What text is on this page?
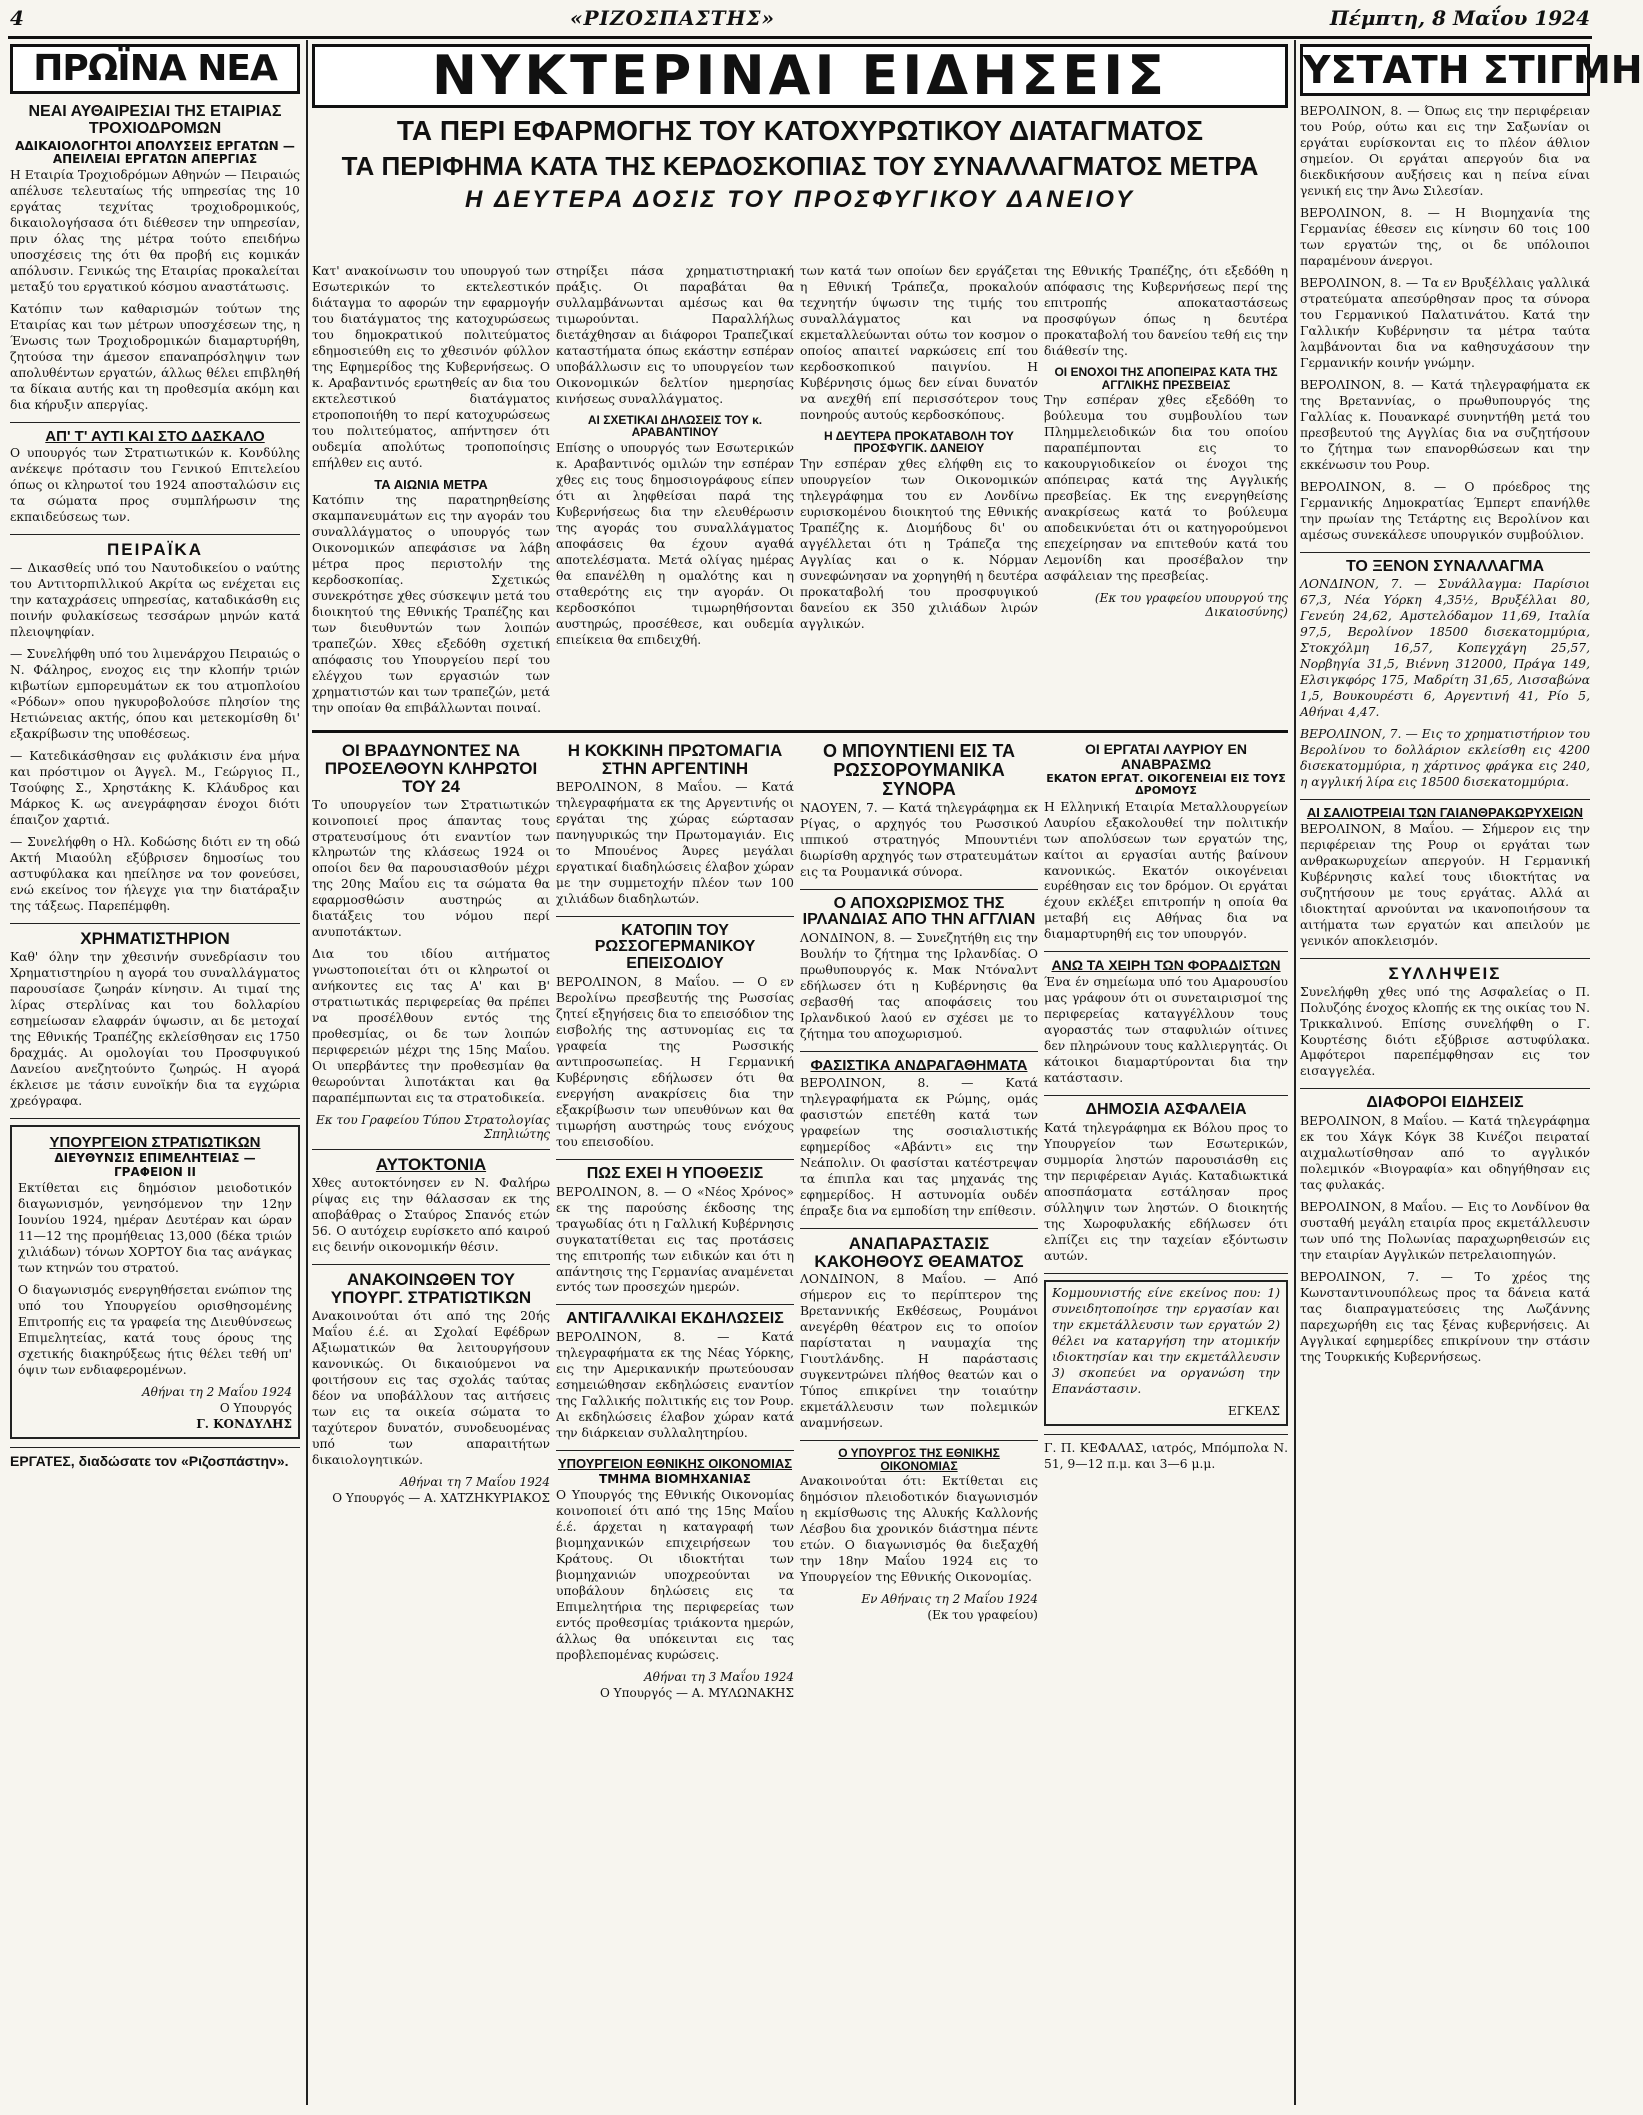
4	«ΡΙΖΟΣΠΑΣΤΗΣ»	Πέμπτη, 8 Μαΐου 1924
ΠΡΩΪΝΑ ΝΕΑ
ΝΕΑΙ ΑΥΘΑΙΡΕΣΙΑΙ ΤΗΣ ΕΤΑΙΡΙΑΣ ΤΡΟΧΙΟΔΡΟΜΩΝ
ΑΔΙΚΑΙΟΛΟΓΗΤΟΙ ΑΠΟΛΥΣΕΙΣ ΕΡΓΑΤΩΝ — ΑΠΕΙΛΕΙΑΙ ΕΡΓΑΤΩΝ ΑΠΕΡΓΙΑΣ

Η Εταιρία Τροχιοδρόμων Αθηνών — Πειραιώς απέλυσε τελευταίως τής υπηρεσίας της 10 εργάτας τεχνίτας τροχιοδρομικούς, δικαιολογήσασα ότι διέθεσεν την υπηρεσίαν, πριν όλας της μέτρα τούτο επειδήνω υποσχέσεις της ότι θα προβή εις κομικάν απόλυσιν. Γενικώς της Εταιρίας προκαλείται μεταξύ του εργατικού κόσμου αναστάτωσις.

Κατόπιν των καθαρισμών τούτων της Εταιρίας και των μέτρων υποσχέσεων της, η Ένωσις των Τροχιοδρομικών διαμαρτυρήθη, ζητούσα την άμεσον επαναπρόσληψιν των απολυθέντων εργατών, άλλως θέλει επιβληθή τα δίκαια αυτής και τη προθεσμία ακόμη και δια κήρυξιν απεργίας.

ΑΠ' Τ' ΑΥΤΙ ΚΑΙ ΣΤΟ ΔΑΣΚΑΛΟ

Ο υπουργός των Στρατιωτικών κ. Κονδύλης ανέκεψε πρότασιν του Γενικού Επιτελείου όπως οι κληρωτοί του 1924 αποσταλώσιν εις τα σώματα προς συμπλήρωσιν της εκπαιδεύσεως των.

ΠΕΙΡΑΪΚΑ

— Δικασθείς υπό του Ναυτοδικείου ο ναύτης του Αντιτορπιλλικού Ακρίτα ως ενέχεται εις την καταχράσεις υπηρεσίας, καταδικάσθη εις ποινήν φυλακίσεως τεσσάρων μηνών κατά πλειοψηφίαν.

— Συνελήφθη υπό του λιμενάρχου Πειραιώς ο Ν. Φάληρος, ενοχος εις την κλοπήν τριών κιβωτίων εμπορευμάτων εκ του ατμοπλοίου «Ρόδων» οπου ηγκυροβολούσε πλησίον της Ηετιώνειας ακτής, όπου και μετεκομίσθη δι' εξακρίβωσιν της υποθέσεως.

— Κατεδικάσθησαν εις φυλάκισιν ένα μήνα και πρόστιμον οι Άγγελ. Μ., Γεώργιος Π., Τσούφης Σ., Χρηστάκης Κ. Κλάυδρος και Μάρκος Κ. ως ανεγράφησαν ένοχοι διότι έπαιζον χαρτιά.

— Συνελήφθη ο Ηλ. Κοδώσης διότι εν τη οδώ Ακτή Μιαούλη εξύβρισεν δημοσίως του αστυφύλακα και ηπείλησε να τον φονεύσει, ενώ εκείνος τον ήλεγχε για την διατάραξιν της τάξεως. Παρεπέμφθη.

ΧΡΗΜΑΤΙΣΤΗΡΙΟΝ

Καθ' όλην την χθεσινήν συνεδρίασιν του Χρηματιστηρίου η αγορά του συναλλάγματος παρουσίασε ζωηράν κίνησιν. Αι τιμαί της λίρας στερλίνας και του δολλαρίου εσημείωσαν ελαφράν ύψωσιν, αι δε μετοχαί της Εθνικής Τραπέζης εκλείσθησαν εις 1750 δραχμάς. Αι ομολογίαι του Προσφυγικού Δανείου ανεζητούντο ζωηρώς. Η αγορά έκλεισε με τάσιν ευνοϊκήν δια τα εγχώρια χρεόγραφα.

ΥΠΟΥΡΓΕΙΟΝ ΣΤΡΑΤΙΩΤΙΚΩΝ
ΔΙΕΥΘΥΝΣΙΣ ΕΠΙΜΕΛΗΤΕΙΑΣ — ΓΡΑΦΕΙΟΝ ΙΙ

Εκτίθεται εις δημόσιον μειοδοτικόν διαγωνισμόν, γενησόμενον την 12ην Ιουνίου 1924, ημέραν Δευτέραν και ώραν 11—12 της προμήθειας 13,000 (δέκα τριών χιλιάδων) τόνων ΧΟΡΤΟΥ δια τας ανάγκας των κτηνών του στρατού.

Ο διαγωνισμός ενεργηθήσεται ενώπιον της υπό του Υπουργείου ορισθησομένης Επιτροπής εις τα γραφεία της Διευθύνσεως Επιμελητείας, κατά τους όρους της σχετικής διακηρύξεως ήτις θέλει τεθή υπ' όψιν των ενδιαφερομένων.

Αθήναι τη 2 Μαΐου 1924
Ο Υπουργός
Γ. ΚΟΝΔΥΛΗΣ
ΕΡΓΑΤΕΣ, διαδώσατε τον «Ριζοσπάστην».
ΝΥΚΤΕΡΙΝΑΙ ΕΙΔΗΣΕΙΣ
ΤΑ ΠΕΡΙ ΕΦΑΡΜΟΓΗΣ ΤΟΥ ΚΑΤΟΧΥΡΩΤΙΚΟΥ ΔΙΑΤΑΓΜΑΤΟΣ
ΤΑ ΠΕΡΙΦΗΜΑ ΚΑΤΑ ΤΗΣ ΚΕΡΔΟΣΚΟΠΙΑΣ ΤΟΥ ΣΥΝΑΛΛΑΓΜΑΤΟΣ ΜΕΤΡΑ
Η ΔΕΥΤΕΡΑ ΔΟΣΙΣ ΤΟΥ ΠΡΟΣΦΥΓΙΚΟΥ ΔΑΝΕΙΟΥ

Κατ' ανακοίνωσιν του υπουργού των Εσωτερικών το εκτελεστικόν διάταγμα το αφορών την εφαρμογήν του διατάγματος της κατοχυρώσεως του δημοκρατικού πολιτεύματος εδημοσιεύθη εις το χθεσινόν φύλλον της Εφημερίδος της Κυβερνήσεως. Ο κ. Αραβαντινός ερωτηθείς αν δια του εκτελεστικού διατάγματος ετροποποιήθη το περί κατοχυρώσεως του πολιτεύματος, απήντησεν ότι ουδεμία απολύτως τροποποίησις επήλθεν εις αυτό.

ΤΑ ΑΙΩΝΙΑ ΜΕΤΡΑ

Κατόπιν της παρατηρηθείσης σκαμπανευμάτων εις την αγοράν του συναλλάγματος ο υπουργός των Οικονομικών απεφάσισε να λάβη μέτρα προς περιστολήν της κερδοσκοπίας. Σχετικώς συνεκρότησε χθες σύσκεψιν μετά του διοικητού της Εθνικής Τραπέζης και των διευθυντών των λοιπών τραπεζών. Χθες εξεδόθη σχετική απόφασις του Υπουργείου περί του ελέγχου των εργασιών των χρηματιστών και των τραπεζών, μετά την οποίαν θα επιβάλλωνται ποιναί.

στηρίξει πάσα χρηματιστηριακή πράξις. Οι παραβάται θα συλλαμβάνωνται αμέσως και θα τιμωρούνται. Παραλλήλως διετάχθησαν αι διάφοροι Τραπεζικαί καταστήματα όπως εκάστην εσπέραν υποβάλλωσιν εις το υπουργείον των Οικονομικών δελτίον ημερησίας κινήσεως συναλλάγματος.

ΑΙ ΣΧΕΤΙΚΑΙ ΔΗΛΩΣΕΙΣ ΤΟΥ κ. ΑΡΑΒΑΝΤΙΝΟΥ

Επίσης ο υπουργός των Εσωτερικών κ. Αραβαντινός ομιλών την εσπέραν χθες εις τους δημοσιογράφους είπεν ότι αι ληφθείσαι παρά της Κυβερνήσεως δια την ελευθέρωσιν της αγοράς του συναλλάγματος αποφάσεις θα έχουν αγαθά αποτελέσματα. Μετά ολίγας ημέρας θα επανέλθη η ομαλότης και η σταθερότης εις την αγοράν. Οι κερδοσκόποι τιμωρηθήσονται αυστηρώς, προσέθεσε, και ουδεμία επιείκεια θα επιδειχθή.

των κατά των οποίων δεν εργάζεται η Εθνική Τράπεζα, προκαλούν τεχνητήν ύψωσιν της τιμής του συναλλάγματος και να εκμεταλλεύωνται ούτω τον κοσμον ο οποίος απαιτεί ναρκώσεις επί του κερδοσκοπικού παιγνίου. Η Κυβέρνησις όμως δεν είναι δυνατόν να ανεχθή επί περισσότερον τους πονηρούς αυτούς κερδοσκόπους.

Η ΔΕΥΤΕΡΑ ΠΡΟΚΑΤΑΒΟΛΗ ΤΟΥ ΠΡΟΣΦΥΓΙΚ. ΔΑΝΕΙΟΥ

Την εσπέραν χθες ελήφθη εις το υπουργείον των Οικονομικών τηλεγράφημα του εν Λονδίνω ευρισκομένου διοικητού της Εθνικής Τραπέζης κ. Διομήδους δι' ου αγγέλλεται ότι η Τράπεζα της Αγγλίας και ο κ. Νόρμαν συνεφώνησαν να χορηγηθή η δευτέρα προκαταβολή του προσφυγικού δανείου εκ 350 χιλιάδων λιρών αγγλικών.

της Εθνικής Τραπέζης, ότι εξεδόθη η απόφασις της Κυβερνήσεως περί της επιτροπής αποκαταστάσεως προσφύγων όπως η δευτέρα προκαταβολή του δανείου τεθή εις την διάθεσίν της.

ΟΙ ΕΝΟΧΟΙ ΤΗΣ ΑΠΟΠΕΙΡΑΣ ΚΑΤΑ ΤΗΣ ΑΓΓΛΙΚΗΣ ΠΡΕΣΒΕΙΑΣ

Την εσπέραν χθες εξεδόθη το βούλευμα του συμβουλίου των Πλημμελειοδικών δια του οποίου παραπέμπονται εις το κακουργιοδικείον οι ένοχοι της απόπειρας κατά της Αγγλικής πρεσβείας. Εκ της ενεργηθείσης ανακρίσεως κατά το βούλευμα αποδεικνύεται ότι οι κατηγορούμενοι επεχείρησαν να επιτεθούν κατά του Λεμονίδη και προσέβαλον την ασφάλειαν της πρεσβείας.

(Εκ του γραφείου υπουργού της Δικαιοσύνης)
ΟΙ ΒΡΑΔΥΝΟΝΤΕΣ ΝΑ ΠΡΟΣΕΛΘΟΥΝ ΚΛΗΡΩΤΟΙ ΤΟΥ 24

Το υπουργείον των Στρατιωτικών κοινοποιεί προς άπαντας τους στρατευσίμους ότι εναντίον των κληρωτών της κλάσεως 1924 οι οποίοι δεν θα παρουσιασθούν μέχρι της 20ης Μαΐου εις τα σώματα θα εφαρμοσθώσιν αυστηρώς αι διατάξεις του νόμου περί ανυποτάκτων.

Δια του ιδίου αιτήματος γνωστοποιείται ότι οι κληρωτοί οι ανήκοντες εις τας Α' και Β' στρατιωτικάς περιφερείας θα πρέπει να προσέλθουν εντός της προθεσμίας, οι δε των λοιπών περιφερειών μέχρι της 15ης Μαΐου. Οι υπερβάντες την προθεσμίαν θα θεωρούνται λιποτάκται και θα παραπέμπωνται εις τα στρατοδικεία.

Εκ του Γραφείου Τύπου Στρατολογίας Σπηλιώτης
ΑΥΤΟΚΤΟΝΙΑ

Χθες αυτοκτόνησεν εν Ν. Φαλήρω ρίψας εις την θάλασσαν εκ της αποβάθρας ο Σταύρος Σπανός ετών 56. Ο αυτόχειρ ευρίσκετο από καιρού εις δεινήν οικονομικήν θέσιν.

ΑΝΑΚΟΙΝΩΘΕΝ ΤΟΥ ΥΠΟΥΡΓ. ΣΤΡΑΤΙΩΤΙΚΩΝ

Ανακοινούται ότι από της 20ής Μαΐου έ.έ. αι Σχολαί Εφέδρων Αξιωματικών θα λειτουργήσουν κανονικώς. Οι δικαιούμενοι να φοιτήσουν εις τας σχολάς ταύτας δέον να υποβάλλουν τας αιτήσεις των εις τα οικεία σώματα το ταχύτερον δυνατόν, συνοδευομένας υπό των απαραιτήτων δικαιολογητικών.

Αθήναι τη 7 Μαΐου 1924
Ο Υπουργός — Α. ΧΑΤΖΗΚΥΡΙΑΚΟΣ
Η ΚΟΚΚΙΝΗ ΠΡΩΤΟΜΑΓΙΑ ΣΤΗΝ ΑΡΓΕΝΤΙΝΗ

ΒΕΡΟΛΙΝΟΝ, 8 Μαΐου. — Κατά τηλεγραφήματα εκ της Αργεντινής οι εργάται της χώρας εώρτασαν πανηγυρικώς την Πρωτομαγιάν. Εις το Μπουένος Άυρες μεγάλαι εργατικαί διαδηλώσεις έλαβον χώραν με την συμμετοχήν πλέον των 100 χιλιάδων διαδηλωτών.

ΚΑΤΟΠΙΝ ΤΟΥ ΡΩΣΣΟΓΕΡΜΑΝΙΚΟΥ ΕΠΕΙΣΟΔΙΟΥ

ΒΕΡΟΛΙΝΟΝ, 8 Μαΐου. — Ο εν Βερολίνω πρεσβευτής της Ρωσσίας ζητεί εξηγήσεις δια το επεισόδιον της εισβολής της αστυνομίας εις τα γραφεία της Ρωσσικής αντιπροσωπείας. Η Γερμανική Κυβέρνησις εδήλωσεν ότι θα ενεργήση ανακρίσεις δια την εξακρίβωσιν των υπευθύνων και θα τιμωρήση αυστηρώς τους ενόχους του επεισοδίου.

ΠΩΣ ΕΧΕΙ Η ΥΠΟΘΕΣΙΣ

ΒΕΡΟΛΙΝΟΝ, 8. — Ο «Νέος Χρόνος» εκ της παρούσης έκδοσης της τραγωδίας ότι η Γαλλική Κυβέρνησις συγκατατίθεται εις τας προτάσεις της επιτροπής των ειδικών και ότι η απάντησις της Γερμανίας αναμένεται εντός των προσεχών ημερών.

ΑΝΤΙΓΑΛΛΙΚΑΙ ΕΚΔΗΛΩΣΕΙΣ

ΒΕΡΟΛΙΝΟΝ, 8. — Κατά τηλεγραφήματα εκ της Νέας Υόρκης, εις την Αμερικανικήν πρωτεύουσαν εσημειώθησαν εκδηλώσεις εναντίον της Γαλλικής πολιτικής εις τον Ρουρ. Αι εκδηλώσεις έλαβον χώραν κατά την διάρκειαν συλλαλητηρίου.

ΥΠΟΥΡΓΕΙΟΝ ΕΘΝΙΚΗΣ ΟΙΚΟΝΟΜΙΑΣ
ΤΜΗΜΑ ΒΙΟΜΗΧΑΝΙΑΣ

Ο Υπουργός της Εθνικής Οικονομίας κοινοποιεί ότι από της 15ης Μαΐου έ.έ. άρχεται η καταγραφή των βιομηχανικών επιχειρήσεων του Κράτους. Οι ιδιοκτήται των βιομηχανιών υποχρεούνται να υποβάλουν δηλώσεις εις τα Επιμελητήρια της περιφερείας των εντός προθεσμίας τριάκοντα ημερών, άλλως θα υπόκεινται εις τας προβλεπομένας κυρώσεις.

Αθήναι τη 3 Μαΐου 1924
Ο Υπουργός — Α. ΜΥΛΩΝΑΚΗΣ
Ο ΜΠΟΥΝΤΙΕΝΙ ΕΙΣ ΤΑ ΡΩΣΣΟΡΟΥΜΑΝΙΚΑ ΣΥΝΟΡΑ

ΝΑΟΥΕΝ, 7. — Κατά τηλεγράφημα εκ Ρίγας, ο αρχηγός του Ρωσσικού ιππικού στρατηγός Μπουντιένι διωρίσθη αρχηγός των στρατευμάτων εις τα Ρουμανικά σύνορα.

Ο ΑΠΟΧΩΡΙΣΜΟΣ ΤΗΣ ΙΡΛΑΝΔΙΑΣ ΑΠΟ ΤΗΝ ΑΓΓΛΙΑΝ

ΛΟΝΔΙΝΟΝ, 8. — Συνεζητήθη εις την Βουλήν το ζήτημα της Ιρλανδίας. Ο πρωθυπουργός κ. Μακ Ντόναλντ εδήλωσεν ότι η Κυβέρνησις θα σεβασθή τας αποφάσεις του Ιρλανδικού λαού εν σχέσει με το ζήτημα του αποχωρισμού.

ΦΑΣΙΣΤΙΚΑ ΑΝΔΡΑΓΑΘΗΜΑΤΑ

ΒΕΡΟΛΙΝΟΝ, 8. — Κατά τηλεγραφήματα εκ Ρώμης, ομάς φασιστών επετέθη κατά των γραφείων της σοσιαλιστικής εφημερίδος «Αβάντι» εις την Νεάπολιν. Οι φασίσται κατέστρεψαν τα έπιπλα και τας μηχανάς της εφημερίδος. Η αστυνομία ουδέν έπραξε δια να εμποδίση την επίθεσιν.

ΑΝΑΠΑΡΑΣΤΑΣΙΣ ΚΑΚΟΗΘΟΥΣ ΘΕΑΜΑΤΟΣ

ΛΟΝΔΙΝΟΝ, 8 Μαΐου. — Από σήμερον εις το περίπτερον της Βρεταννικής Εκθέσεως, Ρουμάνοι ανεγέρθη θέατρον εις το οποίον παρίσταται η ναυμαχία της Γιουτλάνδης. Η παράστασις συγκεντρώνει πλήθος θεατών και ο Τύπος επικρίνει την τοιαύτην εκμετάλλευσιν των πολεμικών αναμνήσεων.

Ο ΥΠΟΥΡΓΟΣ ΤΗΣ ΕΘΝΙΚΗΣ ΟΙΚΟΝΟΜΙΑΣ

Ανακοινούται ότι: Εκτίθεται εις δημόσιον πλειοδοτικόν διαγωνισμόν η εκμίσθωσις της Αλυκής Καλλονής Λέσβου δια χρονικόν διάστημα πέντε ετών. Ο διαγωνισμός θα διεξαχθή την 18ην Μαΐου 1924 εις το Υπουργείον της Εθνικής Οικονομίας.

Εν Αθήναις τη 2 Μαΐου 1924
(Εκ του γραφείου)
ΟΙ ΕΡΓΑΤΑΙ ΛΑΥΡΙΟΥ ΕΝ ΑΝΑΒΡΑΣΜΩ
ΕΚΑΤΟΝ ΕΡΓΑΤ. ΟΙΚΟΓΕΝΕΙΑΙ ΕΙΣ ΤΟΥΣ ΔΡΟΜΟΥΣ

Η Ελληνική Εταιρία Μεταλλουργείων Λαυρίου εξακολουθεί την πολιτικήν των απολύσεων των εργατών της, καίτοι αι εργασίαι αυτής βαίνουν κανονικώς. Εκατόν οικογένειαι ευρέθησαν εις τον δρόμον. Οι εργάται έχουν εκλέξει επιτροπήν η οποία θα μεταβή εις Αθήνας δια να διαμαρτυρηθή εις τον υπουργόν.

ΑΝΩ ΤΑ ΧΕΙΡΗ ΤΩΝ ΦΟΡΑΔΙΣΤΩΝ

Ένα έν σημείωμα υπό του Αμαρουσίου μας γράφουν ότι οι συνεταιρισμοί της περιφερείας καταγγέλλουν τους αγοραστάς των σταφυλιών οίτινες δεν πληρώνουν τους καλλιεργητάς. Οι κάτοικοι διαμαρτύρονται δια την κατάστασιν.

ΔΗΜΟΣΙΑ ΑΣΦΑΛΕΙΑ

Κατά τηλεγράφημα εκ Βόλου προς το Υπουργείον των Εσωτερικών, συμμορία ληστών παρουσιάσθη εις την περιφέρειαν Αγιάς. Καταδιωκτικά αποσπάσματα εστάλησαν προς σύλληψιν των ληστών. Ο διοικητής της Χωροφυλακής εδήλωσεν ότι ελπίζει εις την ταχείαν εξόντωσιν αυτών.

Κομμουνιστής είνε εκείνος που: 1) συνειδητοποίησε την εργασίαν και την εκμετάλλευσιν των εργατών 2) θέλει να καταργήση την ατομικήν ιδιοκτησίαν και την εκμετάλλευσιν 3) σκοπεύει να οργανώση την Επανάστασιν.

ΕΓΚΕΛΣ

Γ. Π. ΚΕΦΑΛΑΣ, ιατρός, Μπόμπολα Ν. 51, 9—12 π.μ. και 3—6 μ.μ.

ΥΣΤΑΤΗ ΣΤΙΓΜΗ

ΒΕΡΟΛΙΝΟΝ, 8. — Όπως εις την περιφέρειαν του Ρούρ, ούτω και εις την Σαξωνίαν οι εργάται ευρίσκονται εις το πλέον άθλιον σημείον. Οι εργάται απεργούν δια να διεκδικήσουν αυξήσεις και η πείνα είναι γενική εις την Άνω Σιλεσίαν.

ΒΕΡΟΛΙΝΟΝ, 8. — Η Βιομηχανία της Γερμανίας έθεσεν εις κίνησιν 60 τοις 100 των εργατών της, οι δε υπόλοιποι παραμένουν άνεργοι.

ΒΕΡΟΛΙΝΟΝ, 8. — Τα εν Βρυξέλλαις γαλλικά στρατεύματα απεσύρθησαν προς τα σύνορα του Γερμανικού Παλατινάτου. Κατά την Γαλλικήν Κυβέρνησιν τα μέτρα ταύτα λαμβάνονται δια να καθησυχάσουν την Γερμανικήν κοινήν γνώμην.

ΒΕΡΟΛΙΝΟΝ, 8. — Κατά τηλεγραφήματα εκ της Βρεταννίας, ο πρωθυπουργός της Γαλλίας κ. Πουανκαρέ συνηντήθη μετά του πρεσβευτού της Αγγλίας δια να συζητήσουν το ζήτημα των επανορθώσεων και την εκκένωσιν του Ρουρ.

ΒΕΡΟΛΙΝΟΝ, 8. — Ο πρόεδρος της Γερμανικής Δημοκρατίας Έμπερτ επανήλθε την πρωίαν της Τετάρτης εις Βερολίνον και αμέσως συνεκάλεσε υπουργικόν συμβούλιον.

ΤΟ ΞΕΝΟΝ ΣΥΝΑΛΛΑΓΜΑ

ΛΟΝΔΙΝΟΝ, 7. — Συνάλλαγμα: Παρίσιοι 67,3, Νέα Υόρκη 4,35½, Βρυξέλλαι 80, Γενεύη 24,62, Αμστελόδαμον 11,69, Ιταλία 97,5, Βερολίνον 18500 δισεκατομμύρια, Στοκχόλμη 16,57, Κοπεγχάγη 25,57, Νορβηγία 31,5, Βιέννη 312000, Πράγα 149, Ελσιγκφόρς 175, Μαδρίτη 31,65, Λισσαβώνα 1,5, Βουκουρέστι 6, Αργεντινή 41, Ρίο 5, Αθήναι 4,47.

ΒΕΡΟΛΙΝΟΝ, 7. — Εις το χρηματιστήριον του Βερολίνου το δολλάριον εκλείσθη εις 4200 δισεκατομμύρια, η χάρτινος φράγκα εις 240, η αγγλική λίρα εις 18500 δισεκατομμύρια.

ΑΙ ΣΑΛΙΟΤΡΕΙΑΙ ΤΩΝ ΓΑΙΑΝΘΡΑΚΩΡΥΧΕΙΩΝ

ΒΕΡΟΛΙΝΟΝ, 8 Μαΐου. — Σήμερον εις την περιφέρειαν της Ρουρ οι εργάται των ανθρακωρυχείων απεργούν. Η Γερμανική Κυβέρνησις καλεί τους ιδιοκτήτας να συζητήσουν με τους εργάτας. Αλλά αι ιδιοκτηταί αρνούνται να ικανοποιήσουν τα αιτήματα των εργατών και απειλούν με γενικόν αποκλεισμόν.

ΣΥΛΛΗΨΕΙΣ

Συνελήφθη χθες υπό της Ασφαλείας ο Π. Πολυζόης ένοχος κλοπής εκ της οικίας του Ν. Τρικκαλινού. Επίσης συνελήφθη ο Γ. Κουρτέσης διότι εξύβρισε αστυφύλακα. Αμφότεροι παρεπέμφθησαν εις τον εισαγγελέα.

ΔΙΑΦΟΡΟΙ ΕΙΔΗΣΕΙΣ

ΒΕΡΟΛΙΝΟΝ, 8 Μαΐου. — Κατά τηλεγράφημα εκ του Χάγκ Κόγκ 38 Κινέζοι πειραταί αιχμαλωτίσθησαν από το αγγλικόν πολεμικόν «Βιογραφία» και οδηγήθησαν εις τας φυλακάς.

ΒΕΡΟΛΙΝΟΝ, 8 Μαΐου. — Εις το Λονδίνον θα συσταθή μεγάλη εταιρία προς εκμετάλλευσιν των υπό της Πολωνίας παραχωρηθεισών εις την εταιρίαν Αγγλικών πετρελαιοπηγών.

ΒΕΡΟΛΙΝΟΝ, 7. — Το χρέος της Κωνσταντινουπόλεως προς τα δάνεια κατά τας διαπραγματεύσεις της Λωζάννης παρεχωρήθη εις τας ξένας κυβερνήσεις. Αι Αγγλικαί εφημερίδες επικρίνουν την στάσιν της Τουρκικής Κυβερνήσεως.
